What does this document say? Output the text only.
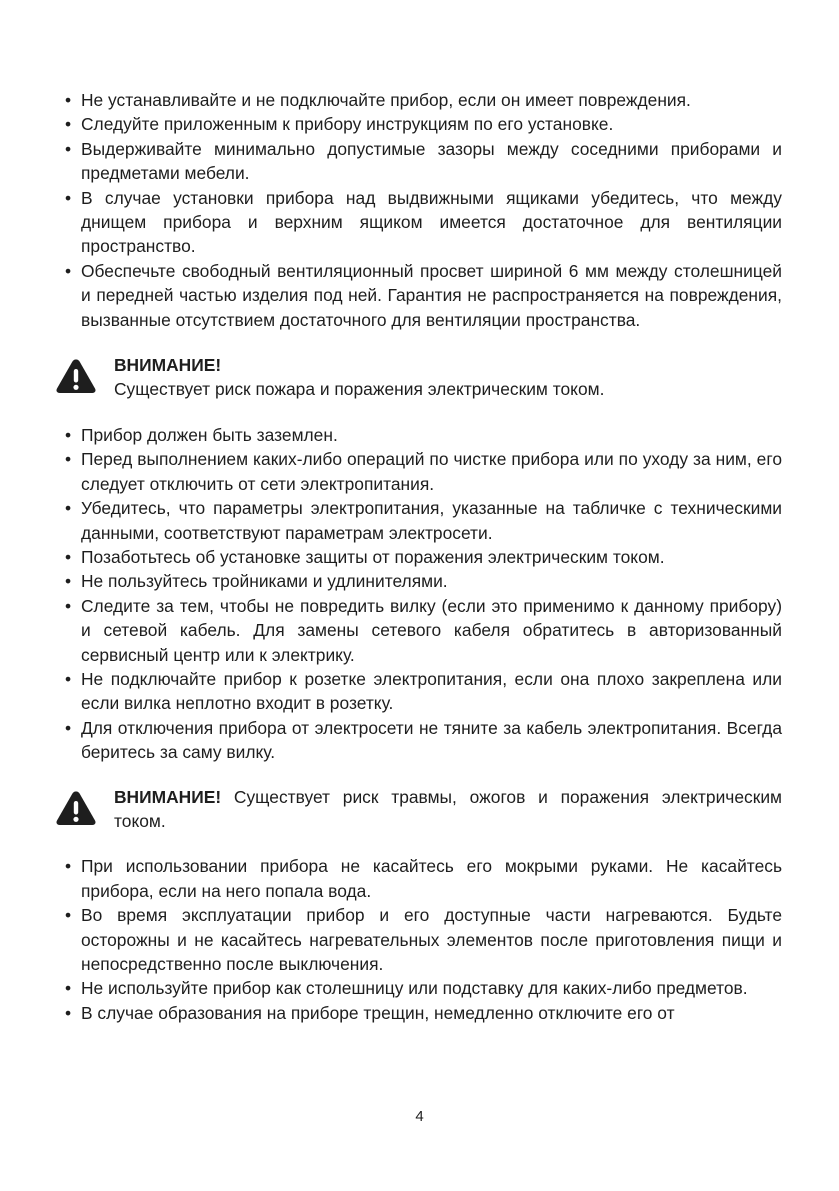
• Не устанавливайте и не подключайте прибор, если он имеет повреждения.
• Следуйте приложенным к прибору инструкциям по его установке.
• Выдерживайте минимально допустимые зазоры между соседними приборами и предметами мебели.
• В случае установки прибора над выдвижными ящиками убедитесь, что между днищем прибора и верхним ящиком имеется достаточное для вентиляции пространство.
• Обеспечьте свободный вентиляционный просвет шириной 6 мм между столешницей и передней частью изделия под ней. Гарантия не распространяется на повреждения, вызванные отсутствием достаточного для вентиляции пространства.
ВНИМАНИЕ!
Существует риск пожара и поражения электрическим током.
• Прибор должен быть заземлен.
• Перед выполнением каких-либо операций по чистке прибора или по уходу за ним, его следует отключить от сети электропитания.
• Убедитесь, что параметры электропитания, указанные на табличке с техническими данными, соответствуют параметрам электросети.
• Позаботьтесь об установке защиты от поражения электрическим током.
• Не пользуйтесь тройниками и удлинителями.
• Следите за тем, чтобы не повредить вилку (если это применимо к данному прибору) и сетевой кабель. Для замены сетевого кабеля обратитесь в авторизованный сервисный центр или к электрику.
• Не подключайте прибор к розетке электропитания, если она плохо закреплена или если вилка неплотно входит в розетку.
• Для отключения прибора от электросети не тяните за кабель электропитания. Всегда беритесь за саму вилку.
ВНИМАНИЕ! Существует риск травмы, ожогов и поражения электрическим током.
• При использовании прибора не касайтесь его мокрыми руками. Не касайтесь прибора, если на него попала вода.
• Во время эксплуатации прибор и его доступные части нагреваются. Будьте осторожны и не касайтесь нагревательных элементов после приготовления пищи и непосредственно после выключения.
• Не используйте прибор как столешницу или подставку для каких-либо предметов.
• В случае образования на приборе трещин, немедленно отключите его от
4
